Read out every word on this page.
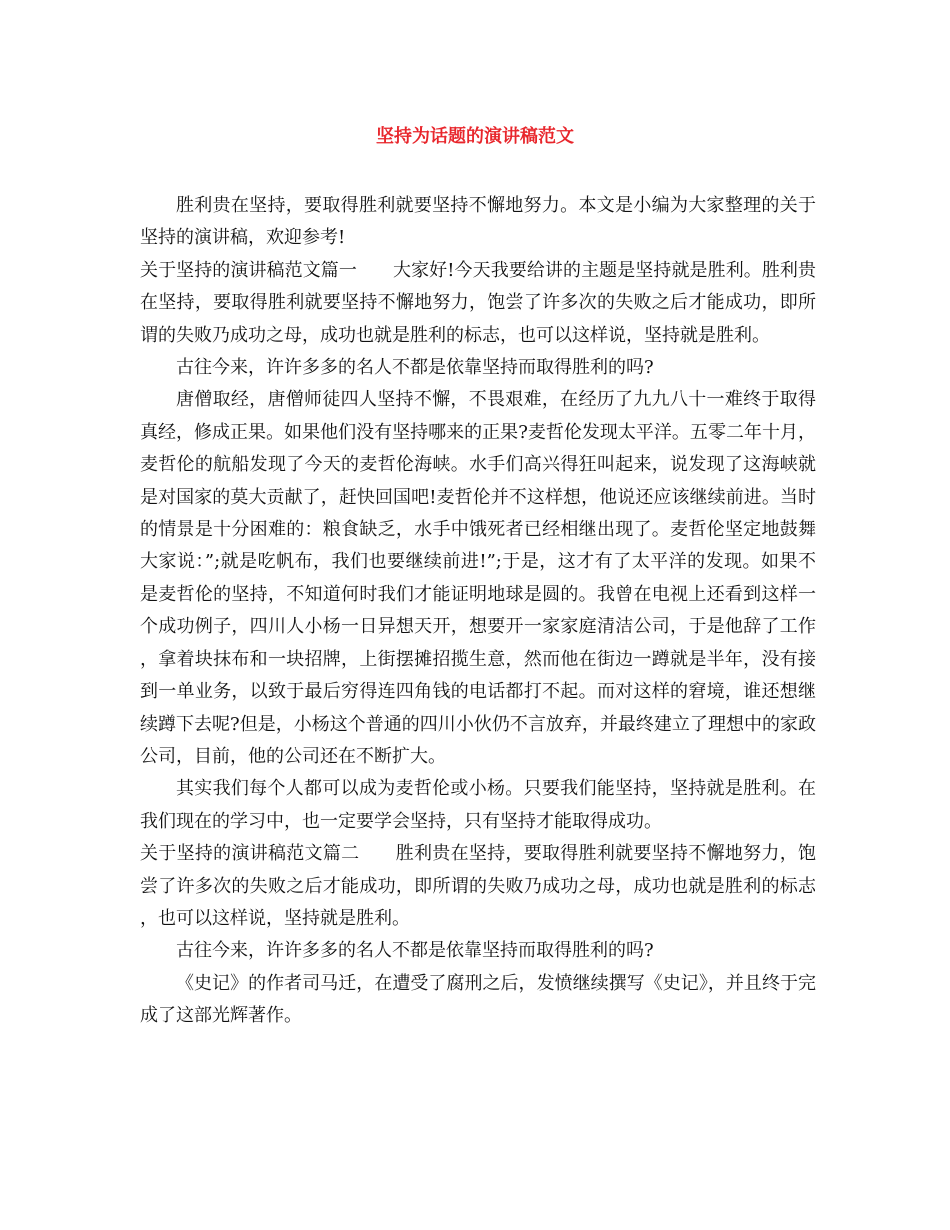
坚持为话题的演讲稿范文

胜利贵在坚持，要取得胜利就要坚持不懈地努力。本文是小编为大家整理的关于坚持的演讲稿，欢迎参考!

关于坚持的演讲稿范文篇一 大家好!今天我要给讲的主题是坚持就是胜利。胜利贵在坚持，要取得胜利就要坚持不懈地努力，饱尝了许多次的失败之后才能成功，即所谓的失败乃成功之母，成功也就是胜利的标志，也可以这样说，坚持就是胜利。

古往今来，许许多多的名人不都是依靠坚持而取得胜利的吗?

唐僧取经，唐僧师徒四人坚持不懈，不畏艰难，在经历了九九八十一难终于取得真经，修成正果。如果他们没有坚持哪来的正果?麦哲伦发现太平洋。五零二年十月，麦哲伦的航船发现了今天的麦哲伦海峡。水手们高兴得狂叫起来，说发现了这海峡就是对国家的莫大贡献了，赶快回国吧!麦哲伦并不这样想，他说还应该继续前进。当时的情景是十分困难的：粮食缺乏，水手中饿死者已经相继出现了。麦哲伦坚定地鼓舞大家说：”;就是吃帆布，我们也要继续前进!”;于是，这才有了太平洋的发现。如果不是麦哲伦的坚持，不知道何时我们才能证明地球是圆的。我曾在电视上还看到这样一个成功例子，四川人小杨一日异想天开，想要开一家家庭清洁公司，于是他辞了工作，拿着块抹布和一块招牌，上街摆摊招揽生意，然而他在街边一蹲就是半年，没有接到一单业务，以致于最后穷得连四角钱的电话都打不起。而对这样的窘境，谁还想继续蹲下去呢?但是，小杨这个普通的四川小伙仍不言放弃，并最终建立了理想中的家政公司，目前，他的公司还在不断扩大。

其实我们每个人都可以成为麦哲伦或小杨。只要我们能坚持，坚持就是胜利。在我们现在的学习中，也一定要学会坚持，只有坚持才能取得成功。

关于坚持的演讲稿范文篇二 胜利贵在坚持，要取得胜利就要坚持不懈地努力，饱尝了许多次的失败之后才能成功，即所谓的失败乃成功之母，成功也就是胜利的标志，也可以这样说，坚持就是胜利。

古往今来，许许多多的名人不都是依靠坚持而取得胜利的吗?

《史记》的作者司马迁，在遭受了腐刑之后，发愤继续撰写《史记》，并且终于完成了这部光辉著作。
